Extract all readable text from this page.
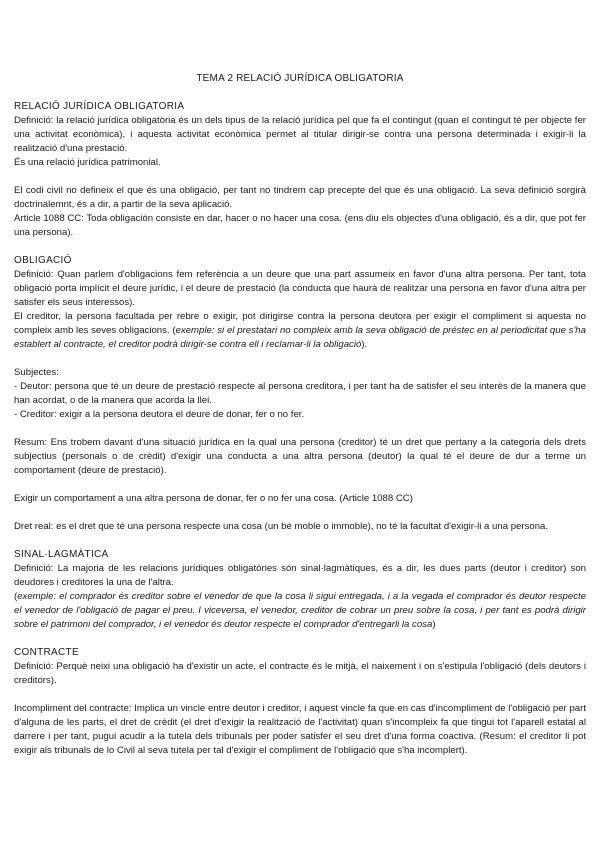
TEMA 2 RELACIÓ JURÍDICA OBLIGATORIA
RELACIÓ JURÍDICA OBLIGATORIA
Definició: la relació jurídica obligatòria és un dels tipus de la relació jurídica pel que fa el contingut (quan el contingut té per objecte fer una activitat econòmica), i aquesta activitat econòmica permet al titular dirigir-se contra una persona determinada i exigir-li la realització d'una prestació.
És una relació jurídica patrimonial.
El codi civil no defineix el que és una obligació, per tant no tindrem cap precepte del que és una obligació. La seva definició sorgirà doctrinalemnt, és a dir, a partir de la seva aplicació.
Article 1088 CC: Toda obligación consiste en dar, hacer o no hacer una cosa. (ens diu els objectes d'una obligació, és a dir, que pot fer una persona).
OBLIGACIÓ
Definició: Quan parlem d'obligacions fem referència a un deure que una part assumeix en favor d'una altra persona. Per tant, tota obligació porta implícit el deure jurídic, i el deure de prestació (la conducta que haurà de realitzar una persona en favor d'una altra per satisfer els seus interessos).
El creditor, la persona facultada per rebre o exigir, pot dirigirse contra la persona deutora per exigir el compliment si aquesta no compleix amb les seves obligacions. (exemple: si el prestatari no compleix amb la seva obligació de préstec en al periodicitat que s'ha establert al contracte, el creditor podrà dirigir-se contra ell i reclamar-li la obligació).
Subjectes:
- Deutor: persona que té un deure de prestació respecte al persona creditora, i per tant ha de satisfer el seu interès de la manera que han acordat, o de la manera que acorda la llei.
- Creditor: exigir a la persona deutora el deure de donar, fer o no fer.
Resum: Ens trobem davant d'una situació jurídica en la qual una persona (creditor) té un dret que pertany a la categoria dels drets subjectius (personals o de crèdit) d'exigir una conducta a una altra persona (deutor) la qual té el deure de dur a terme un comportament (deure de prestació).
Exigir un comportament a una altra persona de donar, fer o no fer una cosa. (Article 1088 CC)
Dret real: es el dret que té una persona respecte una cosa (un bé moble o immoble), no té la facultat d'exigir-li a una persona.
SINAL·LAGMÀTICA
Definició: La majoria de les relacions jurídiques obligatòries són sinal·lagmàtiques, és a dir, les dues parts (deutor i creditor) son deudores i creditores la una de l'altra.
(exemple: el comprador és creditor sobre el venedor de que la cosa li sigui entregada, i a la vegada el comprador és deutor respecte el venedor de l'obligació de pagar el preu. I viceversa, el venedor, creditor de cobrar un preu sobre la cosa, i per tant es podrà dirigir sobre el patrimoni del comprador, i el venedor és deutor respecte el comprador d'entregarli la cosa)
CONTRACTE
Definició: Perquè neixi una obligació ha d'existir un acte, el contracte és le mitjà, el naixement i on s'estipula l'obligació (dels deutors i creditors).
Incompliment del contracte: Implica un vincle entre deutor i creditor, i aquest vincle fa que en cas d'incompliment de l'obligació per part d'alguna de les parts, el dret de crèdit (el dret d'exigir la realització de l'activitat) quan s'incompleix fa que tingui tot l'aparell estatal al darrere i per tant, pugui acudir a la tutela dels tribunals per poder satisfer el seu dret d'una forma coactiva. (Resum: el creditor li pot exigir als tribunals de lo Civil al seva tutela per tal d'exigir el compliment de l'obligació que s'ha incomplert).
